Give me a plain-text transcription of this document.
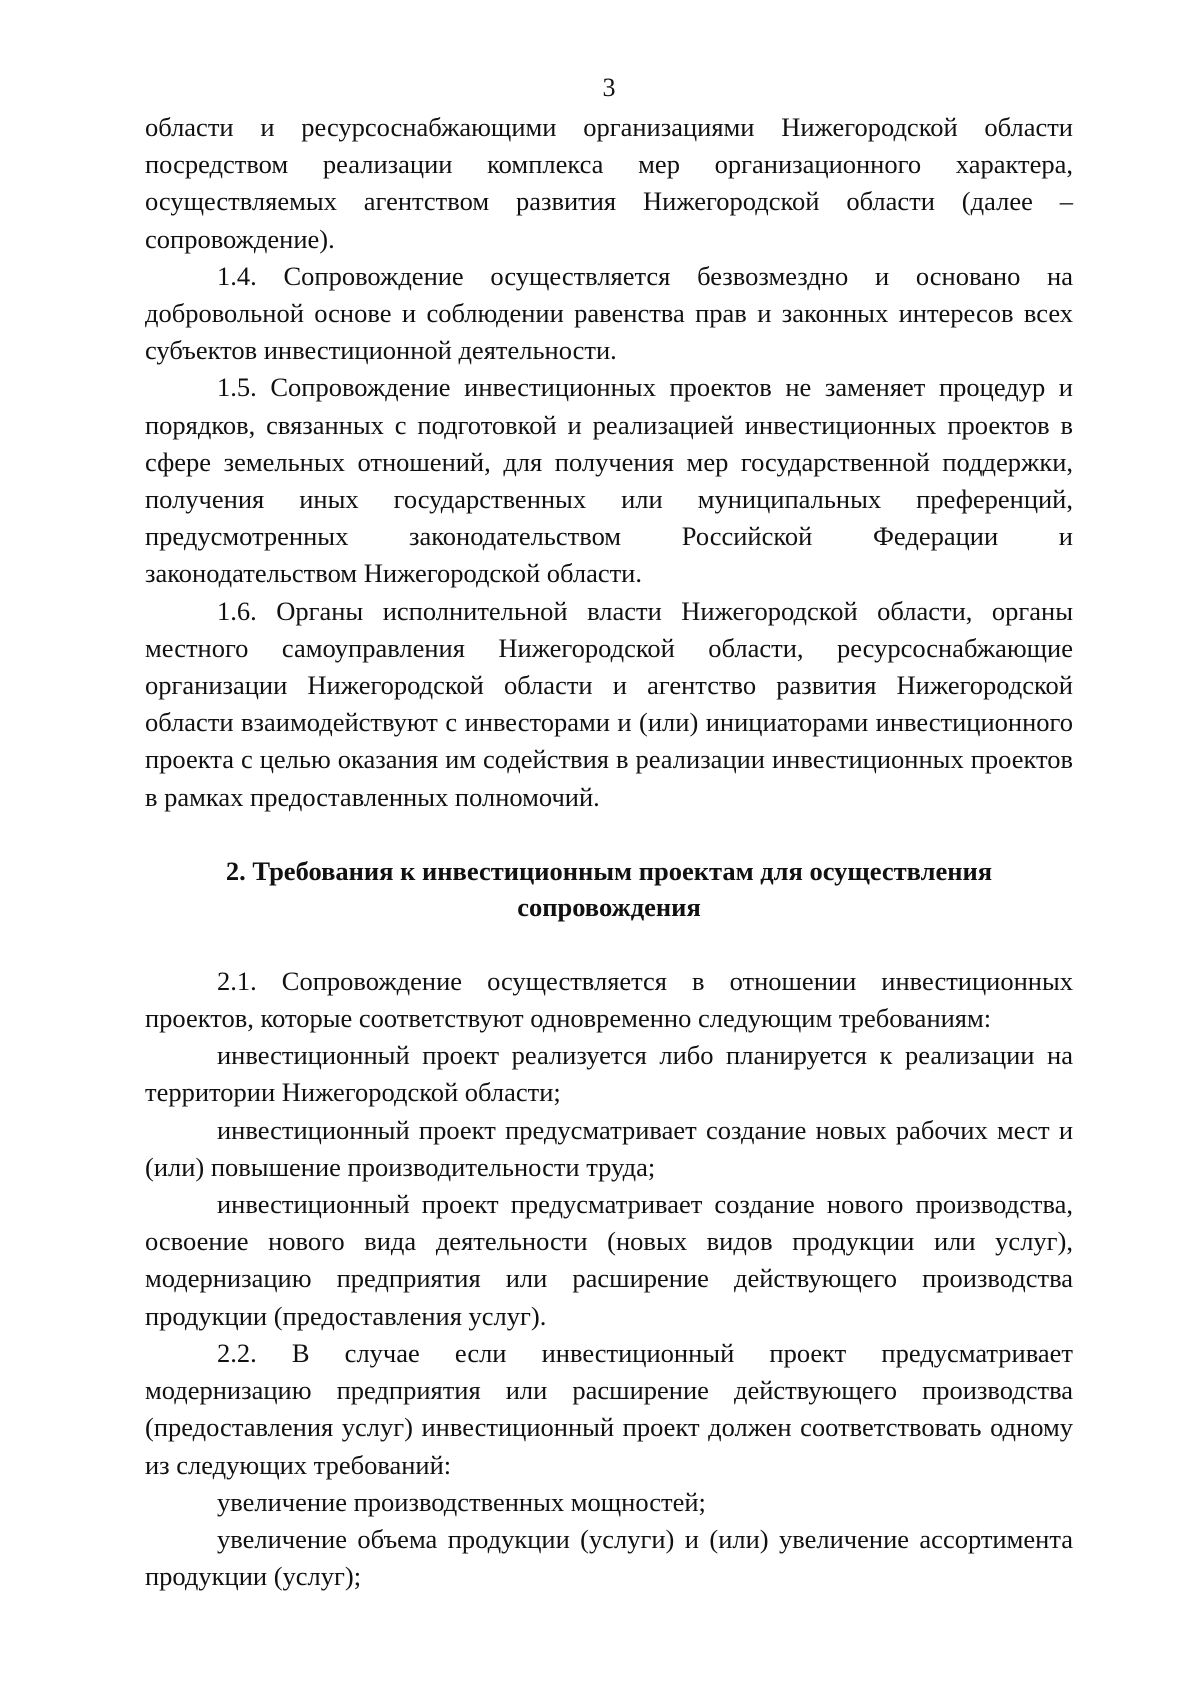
3

области и ресурсоснабжающими организациями Нижегородской области посредством реализации комплекса мер организационного характера, осуществляемых агентством развития Нижегородской области (далее – сопровождение).

1.4. Сопровождение осуществляется безвозмездно и основано на добровольной основе и соблюдении равенства прав и законных интересов всех субъектов инвестиционной деятельности.

1.5. Сопровождение инвестиционных проектов не заменяет процедур и порядков, связанных с подготовкой и реализацией инвестиционных проектов в сфере земельных отношений, для получения мер государственной поддержки, получения иных государственных или муниципальных преференций, предусмотренных законодательством Российской Федерации и законодательством Нижегородской области.

1.6. Органы исполнительной власти Нижегородской области, органы местного самоуправления Нижегородской области, ресурсоснабжающие организации Нижегородской области и агентство развития Нижегородской области взаимодействуют с инвесторами и (или) инициаторами инвестиционного проекта с целью оказания им содействия в реализации инвестиционных проектов в рамках предоставленных полномочий.

2. Требования к инвестиционным проектам для осуществления
сопровождения

2.1. Сопровождение осуществляется в отношении инвестиционных проектов, которые соответствуют одновременно следующим требованиям:

инвестиционный проект реализуется либо планируется к реализации на территории Нижегородской области;

инвестиционный проект предусматривает создание новых рабочих мест и (или) повышение производительности труда;

инвестиционный проект предусматривает создание нового производства, освоение нового вида деятельности (новых видов продукции или услуг), модернизацию предприятия или расширение действующего производства продукции (предоставления услуг).

2.2. В случае если инвестиционный проект предусматривает модернизацию предприятия или расширение действующего производства (предоставления услуг) инвестиционный проект должен соответствовать одному из следующих требований:

увеличение производственных мощностей;

увеличение объема продукции (услуги) и (или) увеличение ассортимента продукции (услуг);
